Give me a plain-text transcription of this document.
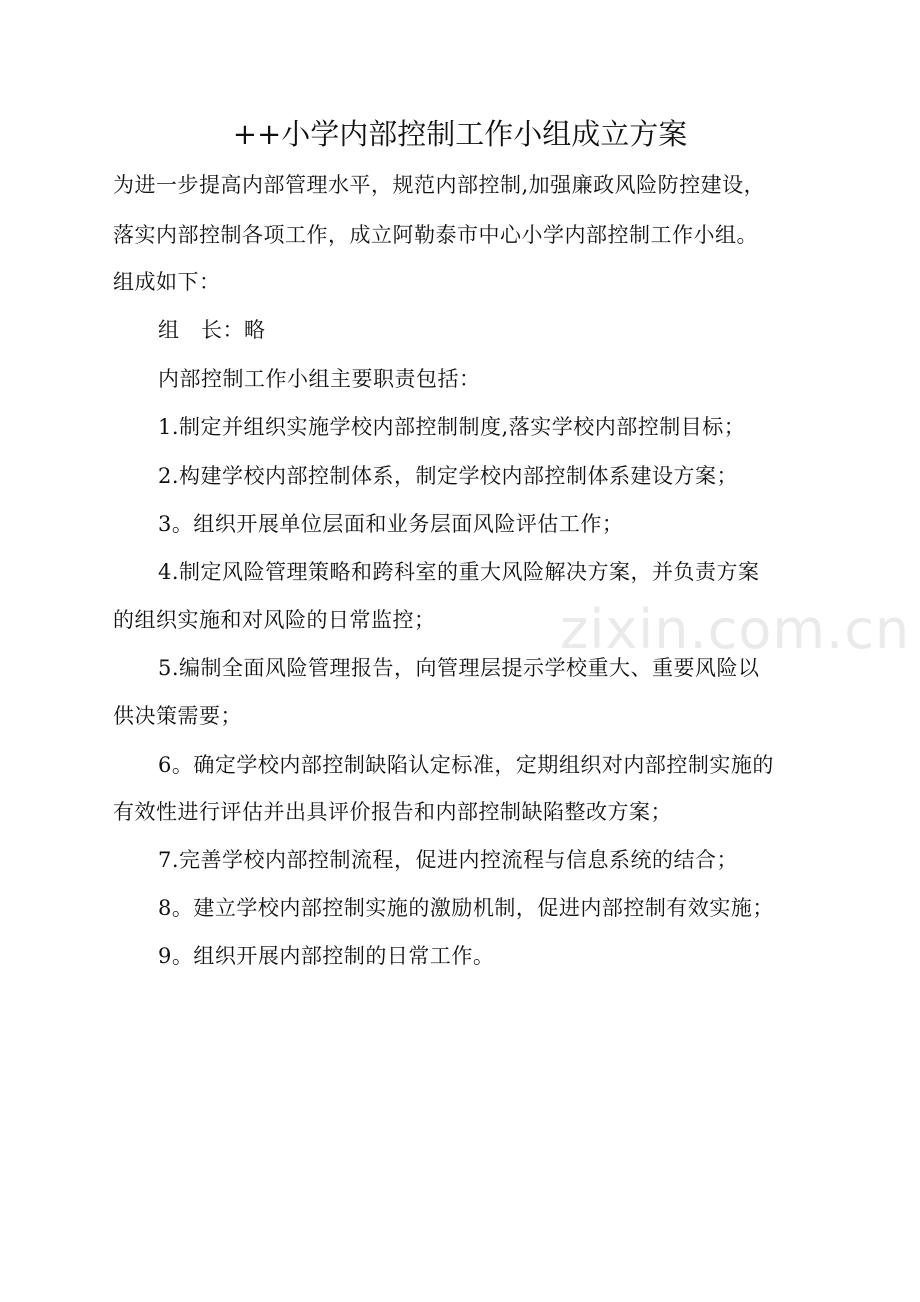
++小学内部控制工作小组成立方案
为进一步提高内部管理水平，规范内部控制,加强廉政风险防控建设，
落实内部控制各项工作，成立阿勒泰市中心小学内部控制工作小组。
组成如下：
组　长：略
内部控制工作小组主要职责包括：
1.制定并组织实施学校内部控制制度,落实学校内部控制目标；
2.构建学校内部控制体系，制定学校内部控制体系建设方案；
3。组织开展单位层面和业务层面风险评估工作；
4.制定风险管理策略和跨科室的重大风险解决方案，并负责方案
的组织实施和对风险的日常监控；
5.编制全面风险管理报告，向管理层提示学校重大、重要风险以
供决策需要；
6。确定学校内部控制缺陷认定标准，定期组织对内部控制实施的
有效性进行评估并出具评价报告和内部控制缺陷整改方案；
7.完善学校内部控制流程，促进内控流程与信息系统的结合；
8。建立学校内部控制实施的激励机制，促进内部控制有效实施；
9。组织开展内部控制的日常工作。
zixin.com.cn
